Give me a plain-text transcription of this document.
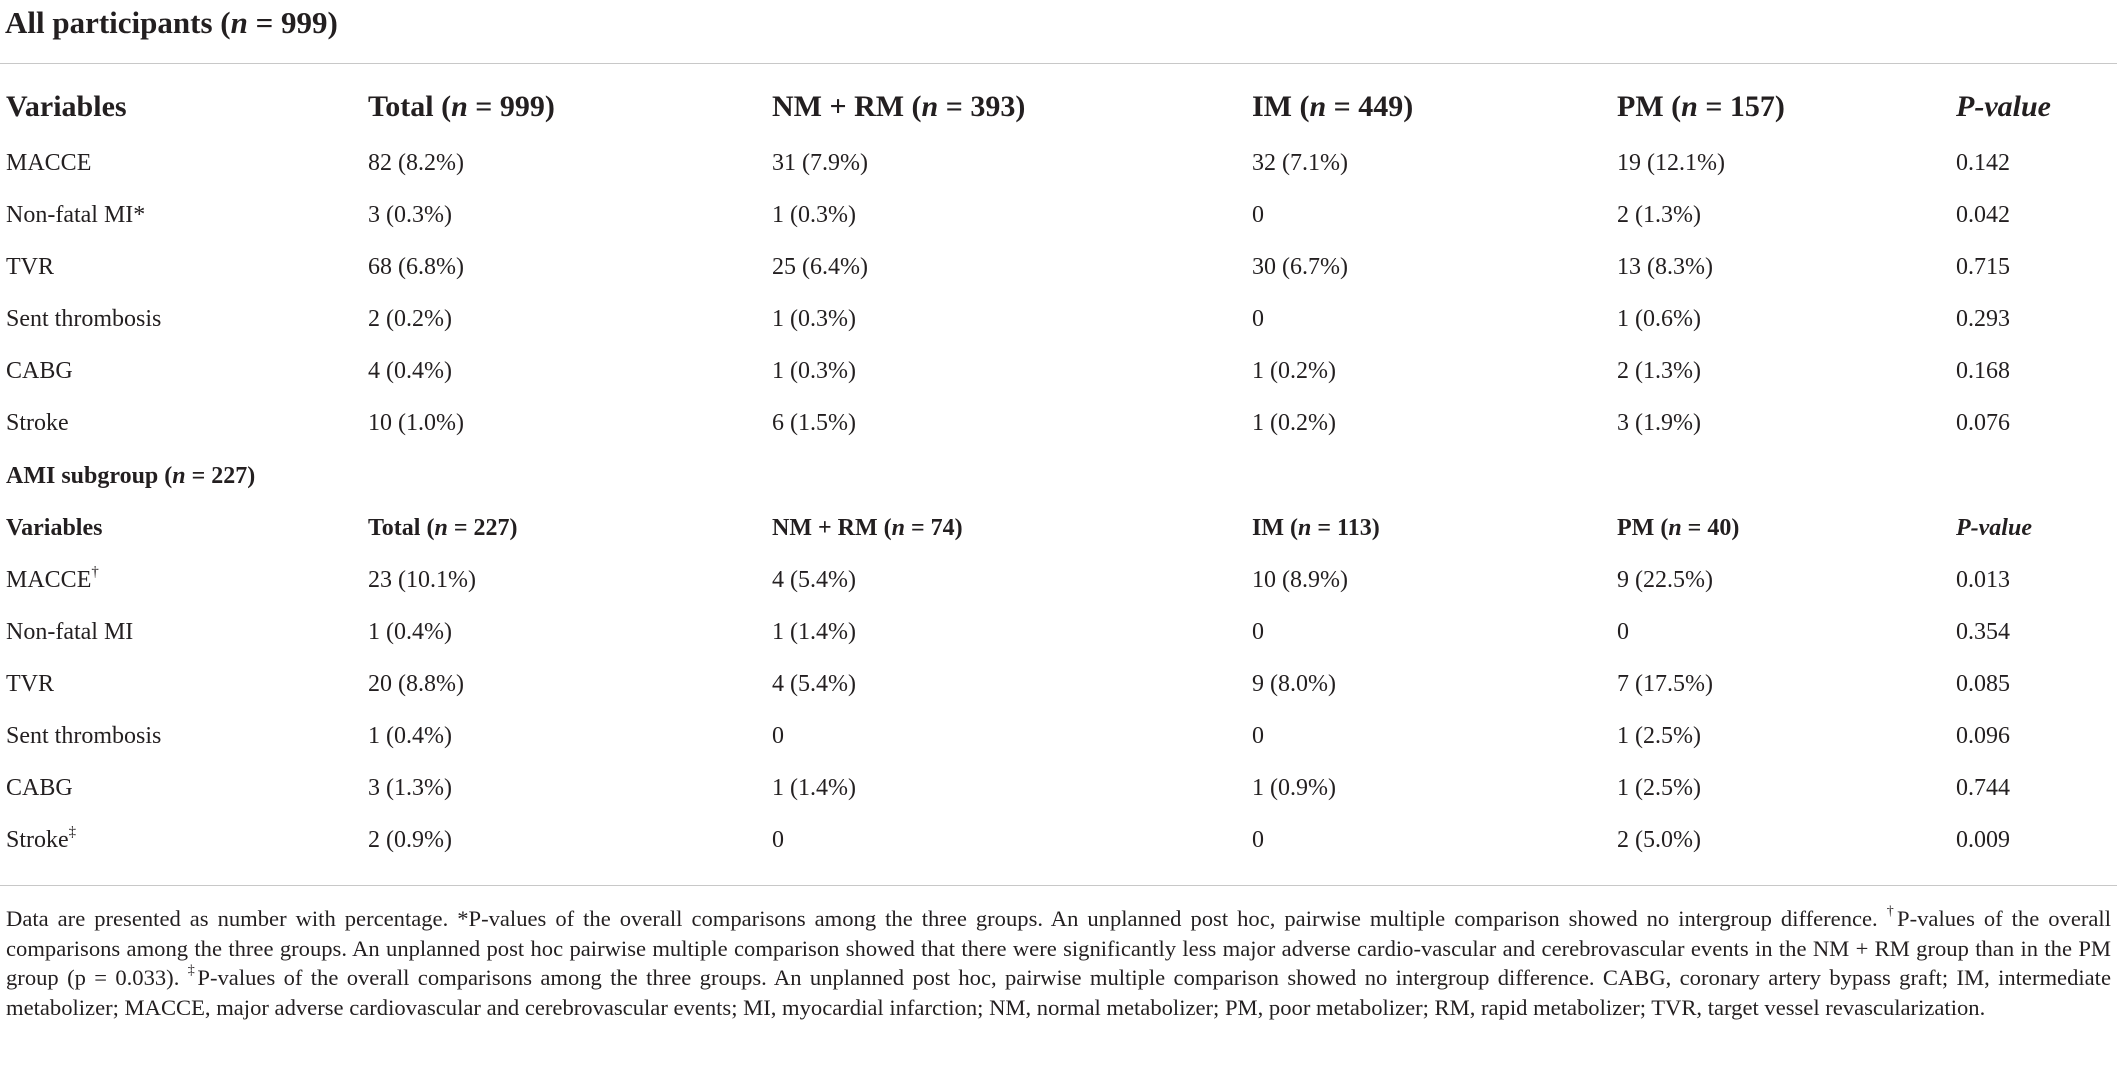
All participants (n = 999)
Variables	Total (n = 999)	NM + RM (n = 393)	IM (n = 449)	PM (n = 157)	P-value
MACCE	82 (8.2%)	31 (7.9%)	32 (7.1%)	19 (12.1%)	0.142
Non-fatal MI*	3 (0.3%)	1 (0.3%)	0	2 (1.3%)	0.042
TVR	68 (6.8%)	25 (6.4%)	30 (6.7%)	13 (8.3%)	0.715
Sent thrombosis	2 (0.2%)	1 (0.3%)	0	1 (0.6%)	0.293
CABG	4 (0.4%)	1 (0.3%)	1 (0.2%)	2 (1.3%)	0.168
Stroke	10 (1.0%)	6 (1.5%)	1 (0.2%)	3 (1.9%)	0.076
AMI subgroup (n = 227)
Variables	Total (n = 227)	NM + RM (n = 74)	IM (n = 113)	PM (n = 40)	P-value
MACCE†	23 (10.1%)	4 (5.4%)	10 (8.9%)	9 (22.5%)	0.013
Non-fatal MI	1 (0.4%)	1 (1.4%)	0	0	0.354
TVR	20 (8.8%)	4 (5.4%)	9 (8.0%)	7 (17.5%)	0.085
Sent thrombosis	1 (0.4%)	0	0	1 (2.5%)	0.096
CABG	3 (1.3%)	1 (1.4%)	1 (0.9%)	1 (2.5%)	0.744
Stroke‡	2 (0.9%)	0	0	2 (5.0%)	0.009
Data are presented as number with percentage. *P-values of the overall comparisons among the three groups. An unplanned post hoc, pairwise multiple comparison showed no intergroup difference. †P-values of the overall comparisons among the three groups. An unplanned post hoc pairwise multiple comparison showed that there were significantly less major adverse cardio-vascular and cerebrovascular events in the NM + RM group than in the PM group (p = 0.033). ‡P-values of the overall comparisons among the three groups. An unplanned post hoc, pairwise multiple comparison showed no intergroup difference. CABG, coronary artery bypass graft; IM, intermediate metabolizer; MACCE, major adverse cardiovascular and cerebrovascular events; MI, myocardial infarction; NM, normal metabolizer; PM, poor metabolizer; RM, rapid metabolizer; TVR, target vessel revascularization.
